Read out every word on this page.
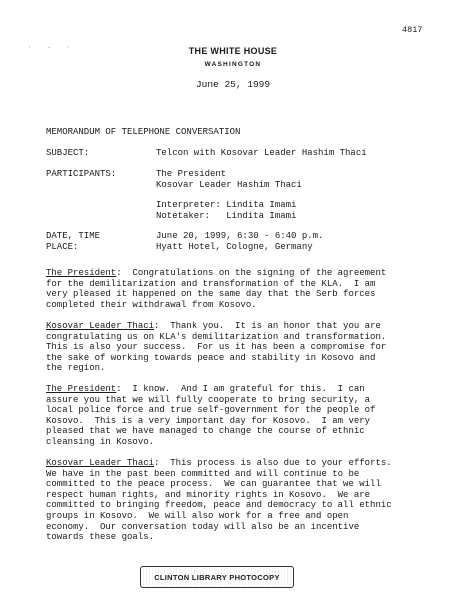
4817
· - ·	THE WHITE HOUSE
WASHINGTON
June 25, 1999
MEMORANDUM OF TELEPHONE CONVERSATION
SUBJECT:	Telcon with Kosovar Leader Hashim Thaci
PARTICIPANTS:	The President
Kosovar Leader Hashim Thaci
Interpreter: Lindita Imami
Notetaker:   Lindita Imami
DATE, TIME	June 20, 1999, 6:30 - 6:40 p.m.
PLACE:	Hyatt Hotel, Cologne, Germany
The President:  Congratulations on the signing of the agreement
for the demilitarization and transformation of the KLA.  I am
very pleased it happened on the same day that the Serb forces
completed their withdrawal from Kosovo.
Kosovar Leader Thaci:  Thank you.  It is an honor that you are
congratulating us on KLA's demilitarization and transformation.
This is also your success.  For us it has been a compromise for
the sake of working towards peace and stability in Kosovo and
the region.
The President:  I know.  And I am grateful for this.  I can
assure you that we will fully cooperate to bring security, a
local police force and true self-government for the people of
Kosovo.  This is a very important day for Kosovo.  I am very
pleased that we have managed to change the course of ethnic
cleansing in Kosovo.
Kosovar Leader Thaci:  This process is also due to your efforts.
We have in the past been committed and will continue to be
committed to the peace process.  We can guarantee that we will
respect human rights, and minority rights in Kosovo.  We are
committed to bringing freedom, peace and democracy to all ethnic
groups in Kosovo.  We will also work for a free and open
economy.  Our conversation today will also be an incentive
towards these goals.
CLINTON LIBRARY PHOTOCOPY
